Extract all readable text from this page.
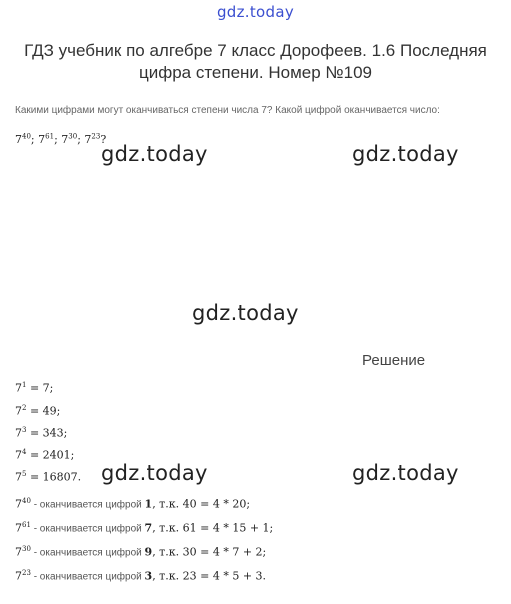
gdz.today
ГДЗ учебник по алгебре 7 класс Дорофеев. 1.6 Последняя цифра степени. Номер №109
Какими цифрами могут оканчиваться степени числа 7? Какой цифрой оканчивается число:
$7^{40}$; $7^{61}$; $7^{30}$; $7^{23}$?
gdz.today	gdz.today
gdz.today
gdz.today	gdz.today
Решение
$7^1 = 7$;
$7^2 = 49$;
$7^3 = 343$;
$7^4 = 2401$;
$7^5 = 16807$.
$7^{40}$ - оканчивается цифрой 1, т.к. 40 = 4 * 20;
$7^{61}$ - оканчивается цифрой 7, т.к. 61 = 4 * 15 + 1;
$7^{30}$ - оканчивается цифрой 9, т.к. 30 = 4 * 7 + 2;
$7^{23}$ - оканчивается цифрой 3, т.к. 23 = 4 * 5 + 3.
